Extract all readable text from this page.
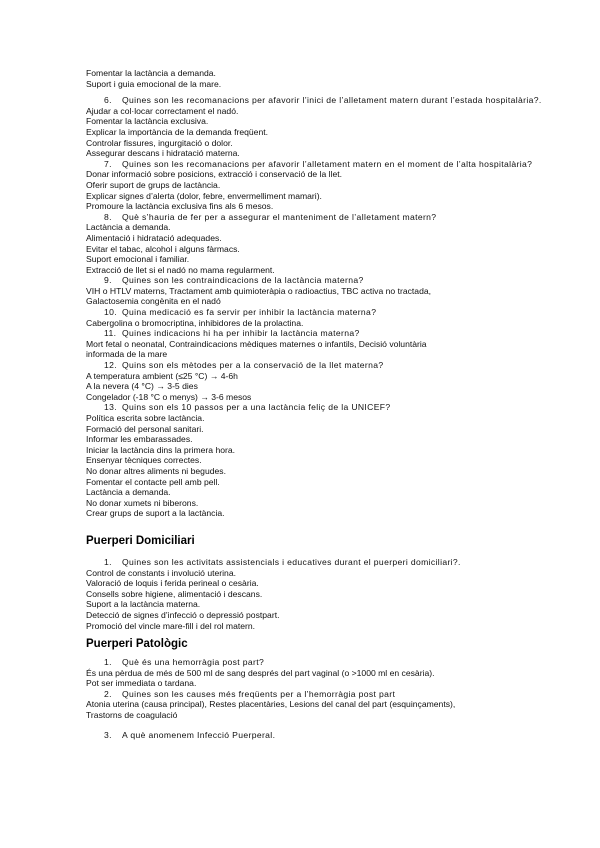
Fomentar la lactància a demanda.
Suport i guia emocional de la mare.
6.	Quines son les recomanacions per afavorir l’inici de l’alletament matern durant l’estada hospitalària?.
Ajudar a col·locar correctament el nadó.
Fomentar la lactància exclusiva.
Explicar la importància de la demanda freqüent.
Controlar fissures, ingurgitació o dolor.
Assegurar descans i hidratació materna.
7.	Quines son les recomanacions per afavorir l’alletament matern en el moment de l’alta hospitalària?
Donar informació sobre posicions, extracció i conservació de la llet.
Oferir suport de grups de lactància.
Explicar signes d’alerta (dolor, febre, envermelliment mamari).
Promoure la lactància exclusiva fins als 6 mesos.
8.	Què s’hauria de fer per a assegurar el manteniment de l’alletament matern?
Lactància a demanda.
Alimentació i hidratació adequades.
Evitar el tabac, alcohol i alguns fàrmacs.
Suport emocional i familiar.
Extracció de llet si el nadó no mama regularment.
9.	Quines son les contraindicacions de la lactància materna?
VIH o HTLV materns, Tractament amb quimioteràpia o radioactius, TBC activa no tractada,
Galactosemia congènita en el nadó
10. Quina medicació es fa servir per inhibir la lactància materna?
Cabergolina o bromocriptina, inhibidores de la prolactina.
11. Quines indicacions hi ha per inhibir la lactància materna?
Mort fetal o neonatal, Contraindicacions mèdiques maternes o infantils, Decisió voluntària
informada de la mare
12. Quins son els mètodes per a la conservació de la llet materna?
A temperatura ambient (≤25 °C) → 4-6h
A la nevera (4 °C) → 3-5 dies
Congelador (-18 °C o menys) → 3-6 mesos
13. Quins son els 10 passos per a una lactància feliç de la UNICEF?
Política escrita sobre lactància.
Formació del personal sanitari.
Informar les embarassades.
Iniciar la lactància dins la primera hora.
Ensenyar tècniques correctes.
No donar altres aliments ni begudes.
Fomentar el contacte pell amb pell.
Lactància a demanda.
No donar xumets ni biberons.
Crear grups de suport a la lactància.
Puerperi Domiciliari
1.	Quines son les activitats assistencials i educatives durant el puerperi domiciliari?.
Control de constants i involució uterina.
Valoració de loquis i ferida perineal o cesària.
Consells sobre higiene, alimentació i descans.
Suport a la lactància materna.
Detecció de signes d’infecció o depressió postpart.
Promoció del vincle mare-fill i del rol matern.
Puerperi Patològic
1.	Què és una hemorràgia post part?
És una pèrdua de més de 500 ml de sang després del part vaginal (o >1000 ml en cesària).
Pot ser immediata o tardana.
2.	Quines son les causes més freqüents per a l’hemorràgia post part
Atonia uterina (causa principal), Restes placentàries, Lesions del canal del part (esquinçaments),
Trastorns de coagulació
3.	A què anomenem Infecció Puerperal.
